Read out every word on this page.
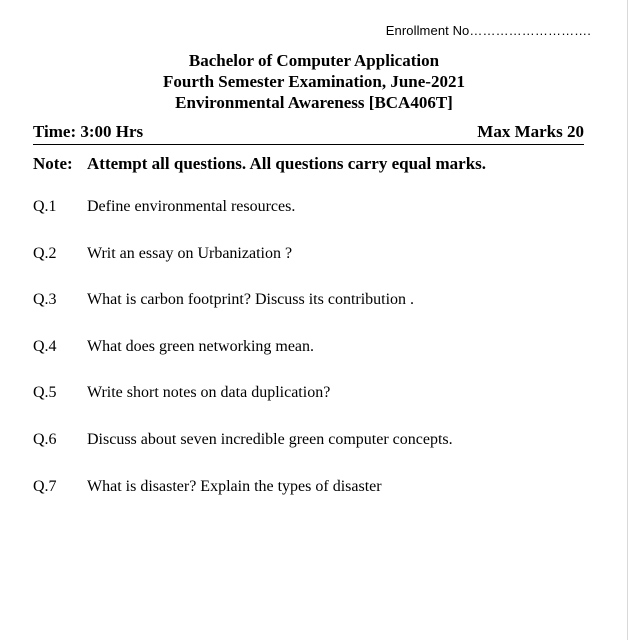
Enrollment No……………………….
Bachelor of Computer Application
Fourth Semester Examination, June-2021
Environmental Awareness [BCA406T]
Time: 3:00 Hrs	Max Marks 20
Note: Attempt all questions. All questions carry equal marks.
Q.1 Define environmental resources.
Q.2 Writ an essay on Urbanization ?
Q.3 What is carbon footprint? Discuss its contribution .
Q.4 What does green networking mean.
Q.5 Write short notes on data duplication?
Q.6 Discuss about seven incredible green computer concepts.
Q.7 What is disaster? Explain the types of disaster
